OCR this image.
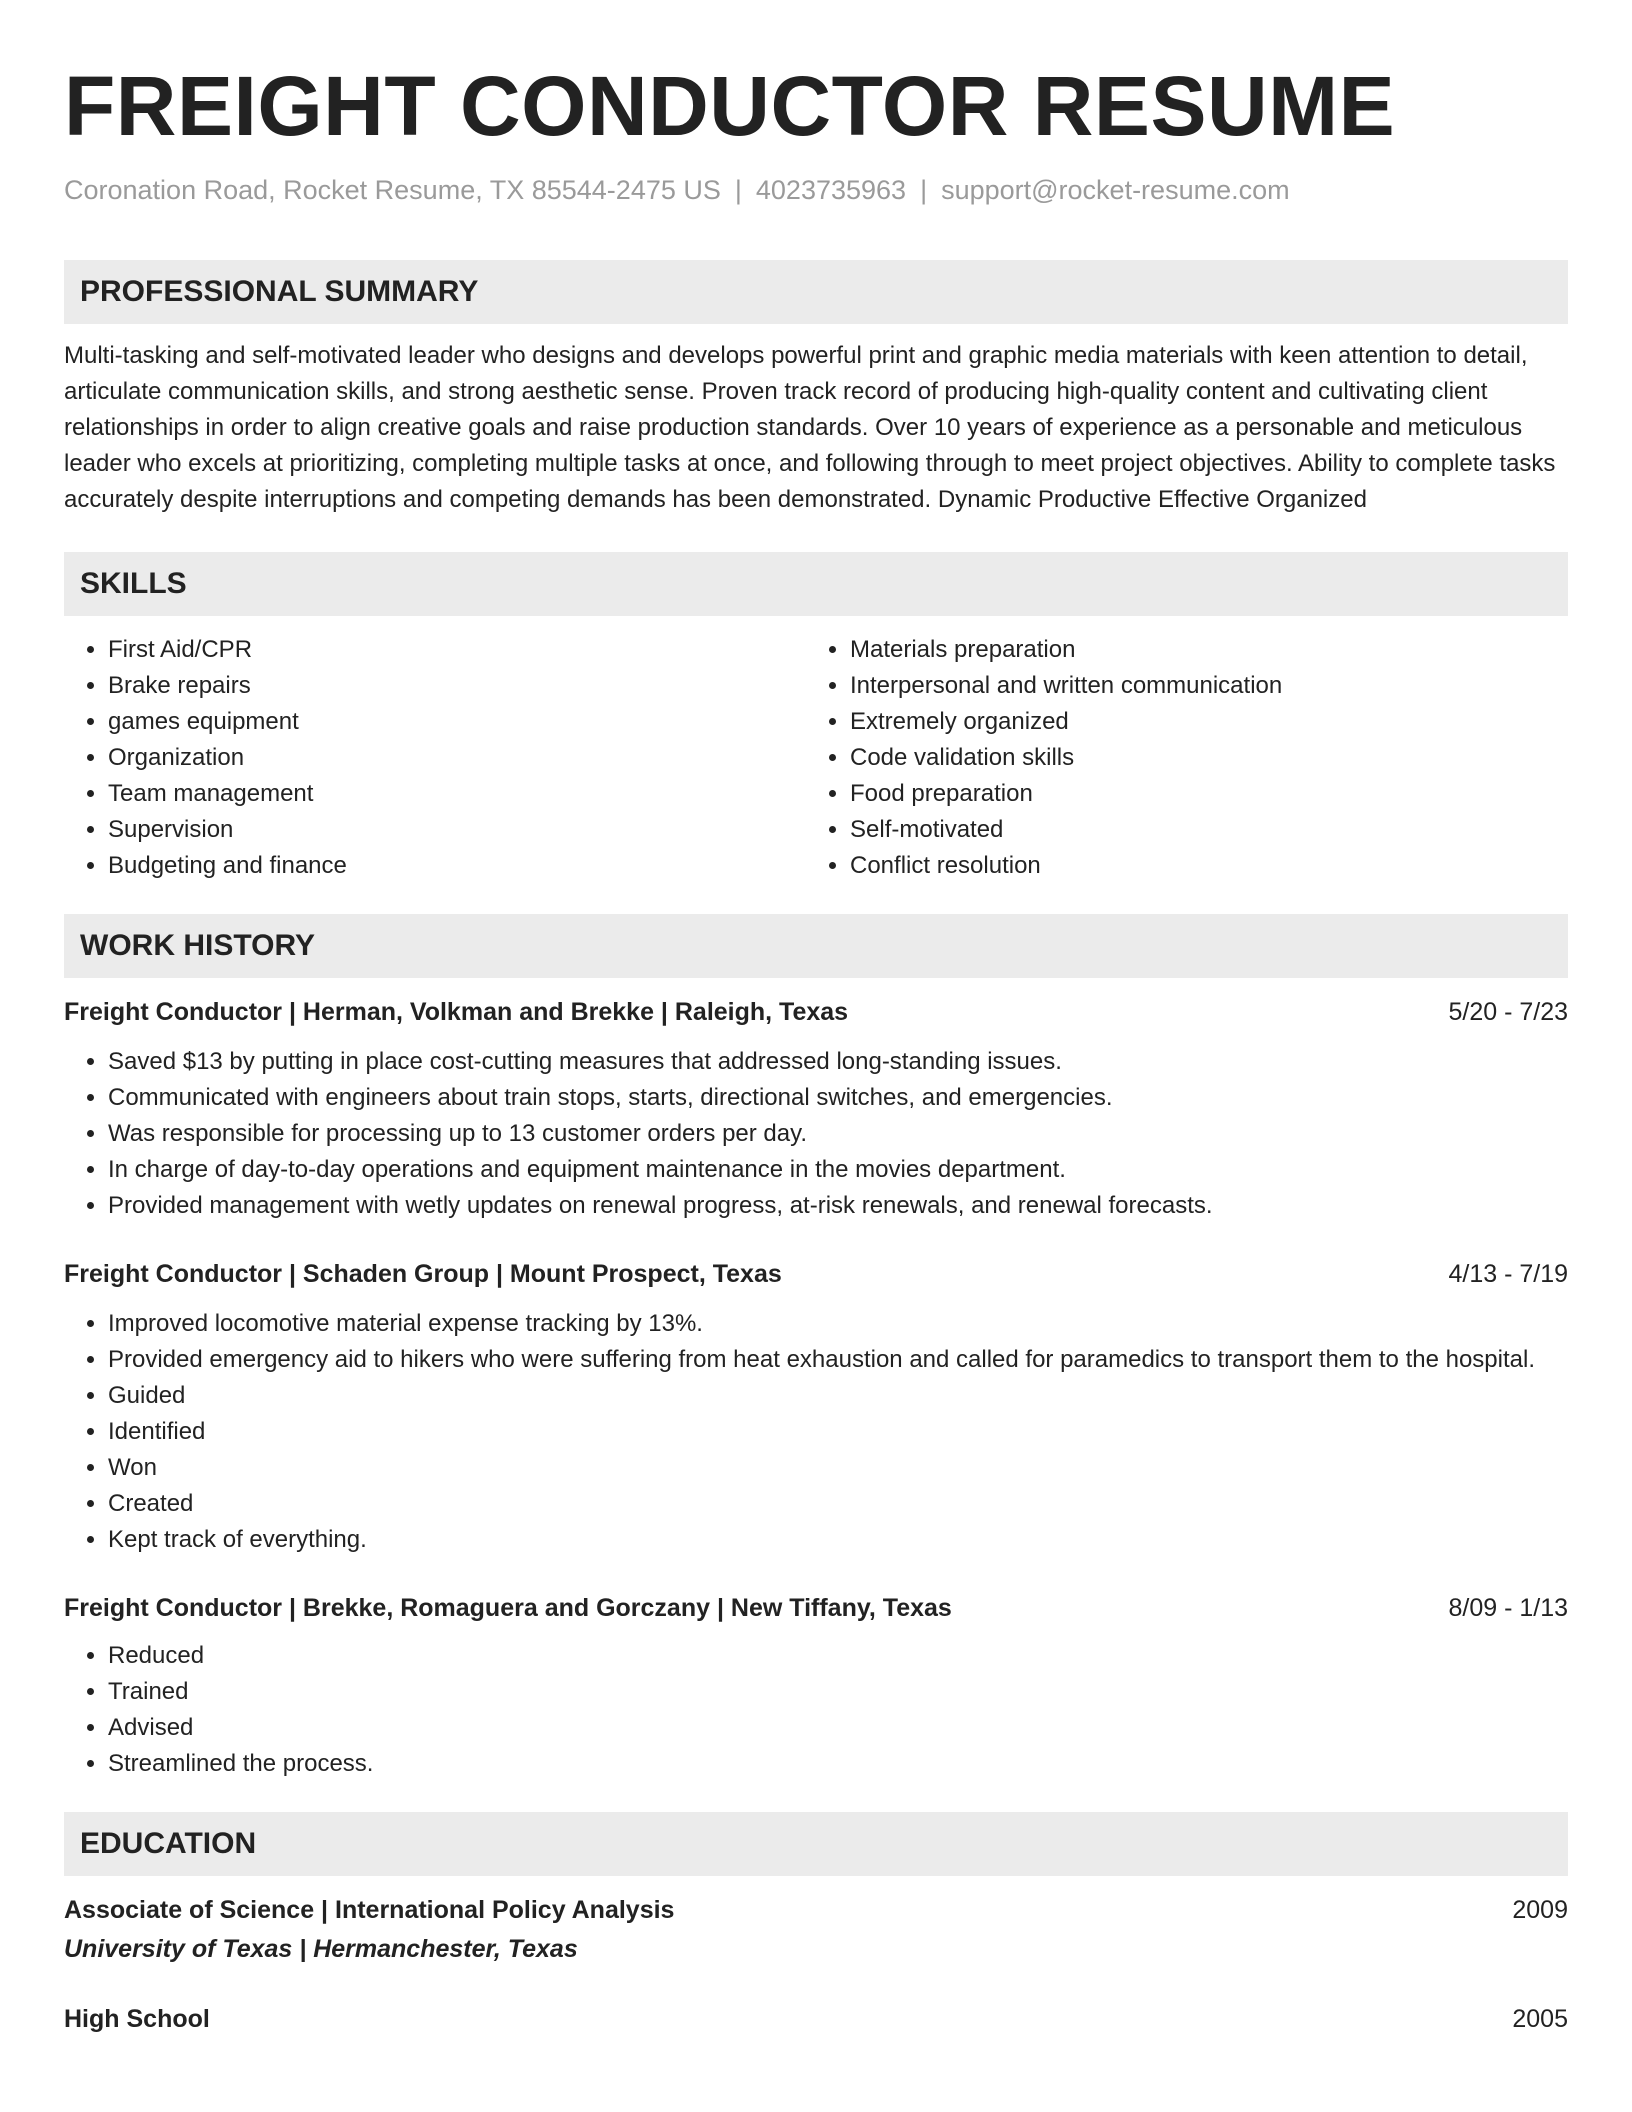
FREIGHT CONDUCTOR RESUME
Coronation Road, Rocket Resume, TX 85544-2475 US | 4023735963 | support@rocket-resume.com
PROFESSIONAL SUMMARY
Multi-tasking and self-motivated leader who designs and develops powerful print and graphic media materials with keen attention to detail, articulate communication skills, and strong aesthetic sense. Proven track record of producing high-quality content and cultivating client relationships in order to align creative goals and raise production standards. Over 10 years of experience as a personable and meticulous leader who excels at prioritizing, completing multiple tasks at once, and following through to meet project objectives. Ability to complete tasks accurately despite interruptions and competing demands has been demonstrated. Dynamic Productive Effective Organized
SKILLS
• First Aid/CPR
• Brake repairs
• games equipment
• Organization
• Team management
• Supervision
• Budgeting and finance
• Materials preparation
• Interpersonal and written communication
• Extremely organized
• Code validation skills
• Food preparation
• Self-motivated
• Conflict resolution
WORK HISTORY
Freight Conductor | Herman, Volkman and Brekke | Raleigh, Texas	5/20 - 7/23
• Saved $13 by putting in place cost-cutting measures that addressed long-standing issues.
• Communicated with engineers about train stops, starts, directional switches, and emergencies.
• Was responsible for processing up to 13 customer orders per day.
• In charge of day-to-day operations and equipment maintenance in the movies department.
• Provided management with wetly updates on renewal progress, at-risk renewals, and renewal forecasts.
Freight Conductor | Schaden Group | Mount Prospect, Texas	4/13 - 7/19
• Improved locomotive material expense tracking by 13%.
• Provided emergency aid to hikers who were suffering from heat exhaustion and called for paramedics to transport them to the hospital.
• Guided
• Identified
• Won
• Created
• Kept track of everything.
Freight Conductor | Brekke, Romaguera and Gorczany | New Tiffany, Texas	8/09 - 1/13
• Reduced
• Trained
• Advised
• Streamlined the process.
EDUCATION
Associate of Science | International Policy Analysis	2009
University of Texas | Hermanchester, Texas
High School	2005
